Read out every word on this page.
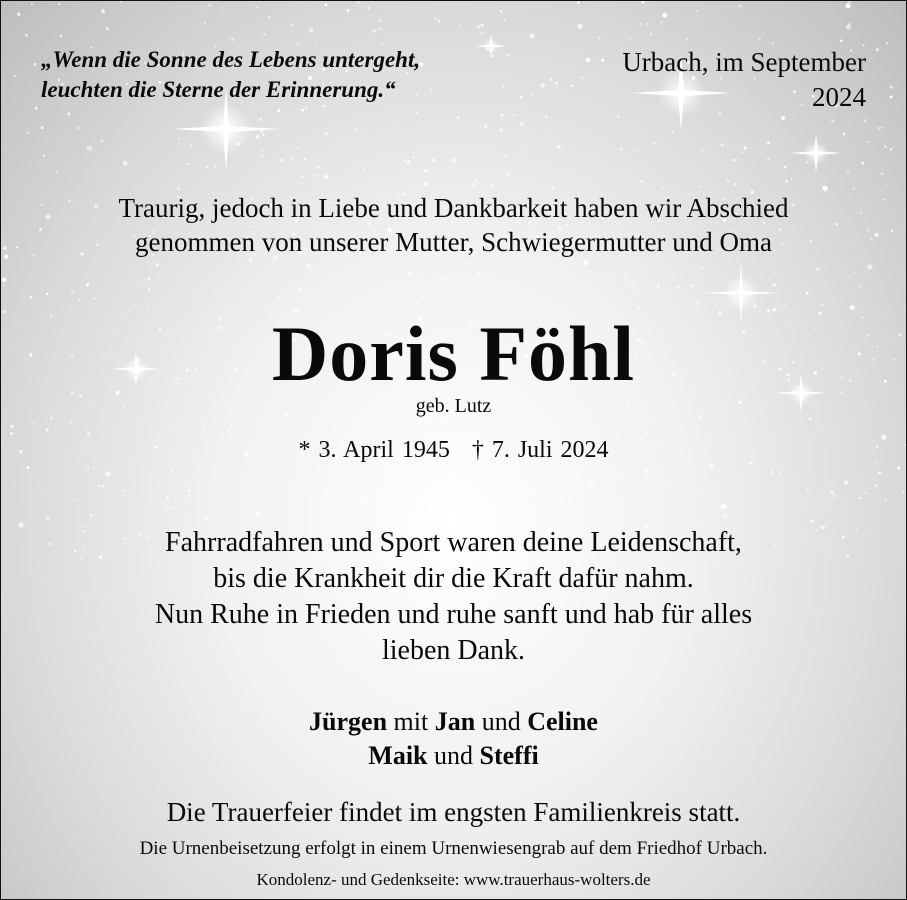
„Wenn die Sonne des Lebens untergeht,
leuchten die Sterne der Erinnerung.“
Urbach, im September
2024
Traurig, jedoch in Liebe und Dankbarkeit haben wir Abschied
genommen von unserer Mutter, Schwiegermutter und Oma
Doris Föhl
geb. Lutz
* 3. April 1945 † 7. Juli 2024
Fahrradfahren und Sport waren deine Leidenschaft,
bis die Krankheit dir die Kraft dafür nahm.
Nun Ruhe in Frieden und ruhe sanft und hab für alles
lieben Dank.
Jürgen mit Jan und Celine
Maik und Steffi
Die Trauerfeier findet im engsten Familienkreis statt.
Die Urnenbeisetzung erfolgt in einem Urnenwiesengrab auf dem Friedhof Urbach.
Kondolenz- und Gedenkseite: www.trauerhaus-wolters.de
